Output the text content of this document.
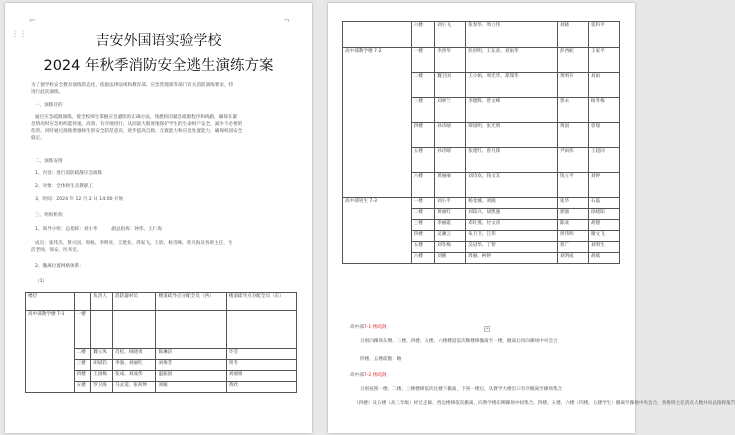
⋮⋮
⌐	¬
吉安外国语实验学校
2024 年秋季消防安全逃生演练方案
为了使学校安全教育演练常态化，依据法律法规和教育部、应急管理部等部门有关消防演练要求，特
进行此次演练。
一、演练目的
通过应急疏散演练，使全校师生掌握应急避险的正确方法，熟悉校园紧急疏散程序和线路，确保在紧
急情况时应急组织能快速、高效、有序地进行，从而最大限度地保护学生的生命财产安全，减少不必要的
伤害。同时通过演练增强师生的安全防范意识，逐步提高自救、互救能力和应急处置能力，确保校园安全
稳定。
二、演练安排
1、内容：进行消防疏散应急演练
2、对象：全体师生及教职工
3、时间：2024 年 12 月 2 日 14:00 开始
三、组织机构
1、领导小组：总指挥：刘小华　　　副总指挥：钟伟、王仁海
成员：张伟杰、黄兴国、周杨、李明亮、王建业、周家飞、王欣、杨雪峰、曾凡海及各班主任、生
活老师、保安、医务室。
2、撤离位置网格体系：
（1）
楼层		负责人	消防器材员	楼道疏导点分配全员（西）	楼道疏导点分配全员（东）
高中部教学楼 7-1	一楼				
	二楼	魏立凤	肖松、杨晓勇	陈琳洁	毕雪
	三楼	胡斌钧	李强、刘丽红	刘俊芳	周冬
	四楼	王国梅	张成、刘成伟	温振国	刘丽娟
	五楼	罗卫海	马灵道、张荷婷	刘雁	黄欣
	六楼	刘小飞	张春华、周立伟	刘晓	张科平
高中部教学楼 7-2	一楼	李西华	彭洪明、王东彦、刘雨华	彭西蛇	王家平
	二楼	魏卫国	王小娟、周光华、郑瑞华	黄明开	刘雨
	三楼	刘翠兰	李德辉、曾文峰	曾永	杨冬梅
	四楼	孙诗晴	谭国明、张光明	黄国	曾瑞
	五楼	孙诗晴	张建红、曾凡锋	尹雨伟	王超同
	六楼	黄丽丽	刘诗欢、钱文友	钱立平	刘婷
高中部男生 7-3	一楼	刘小平	杨金城、刘晓	张华	石磊
	二楼	黄丽红	刘琼兴、胡凯强	郭强	徐晓阳
	三楼	李丽霞	邓红燕、付文涛	陈欢	胡德
	四楼	吴澜云	朱卫卫、江伟	周伟明	谢文飞
	五楼	刘冬梅	吴冠华、丁智	曾广	刘明生
	六楼	刘刚	周丽、柯婷	刘明成	胡斌
+
高中部7-1 楼疏散
分别向操场东侧、三楼、四楼、五楼、六楼楼道依次顺楼梯撤离至一楼，撤离后再向操场中央会合
四楼、五楼疏散：略
高中部7-2 楼疏散
分别按照一楼、二楼、三楼楼梯依次往楼下撤离，下到一楼后，从教学大楼出口有序撤离至操场集合
（四楼）及五楼（高三年级）经过走廊、西边楼梯依次撤离，向教学楼东侧操场中间集合。四楼、五楼、六楼（四楼、五楼学生）撤离至操场中央会合，各班班主任清点人数并向总指挥报告
